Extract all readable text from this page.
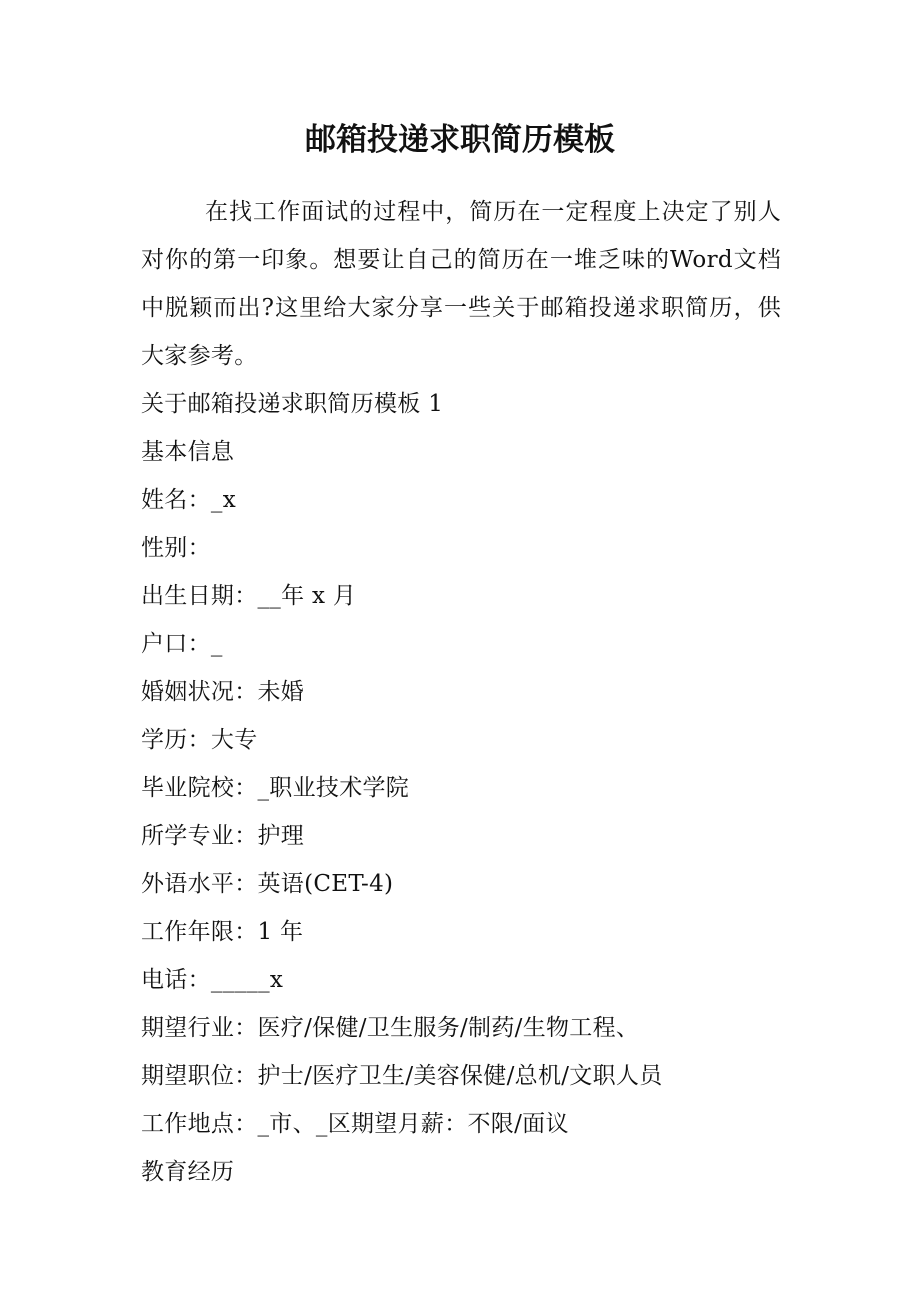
邮箱投递求职简历模板

在找工作面试的过程中，简历在一定程度上决定了别人对你的第一印象。想要让自己的简历在一堆乏味的Word文档中脱颖而出?这里给大家分享一些关于邮箱投递求职简历，供大家参考。

关于邮箱投递求职简历模板 1
基本信息
姓名：_x
性别：
出生日期：__年 x 月
户口：_
婚姻状况：未婚
学历：大专
毕业院校：_职业技术学院
所学专业：护理
外语水平：英语(CET-4)
工作年限：1 年
电话：_____x
期望行业：医疗/保健/卫生服务/制药/生物工程、
期望职位：护士/医疗卫生/美容保健/总机/文职人员
工作地点：_市、_区期望月薪：不限/面议
教育经历
